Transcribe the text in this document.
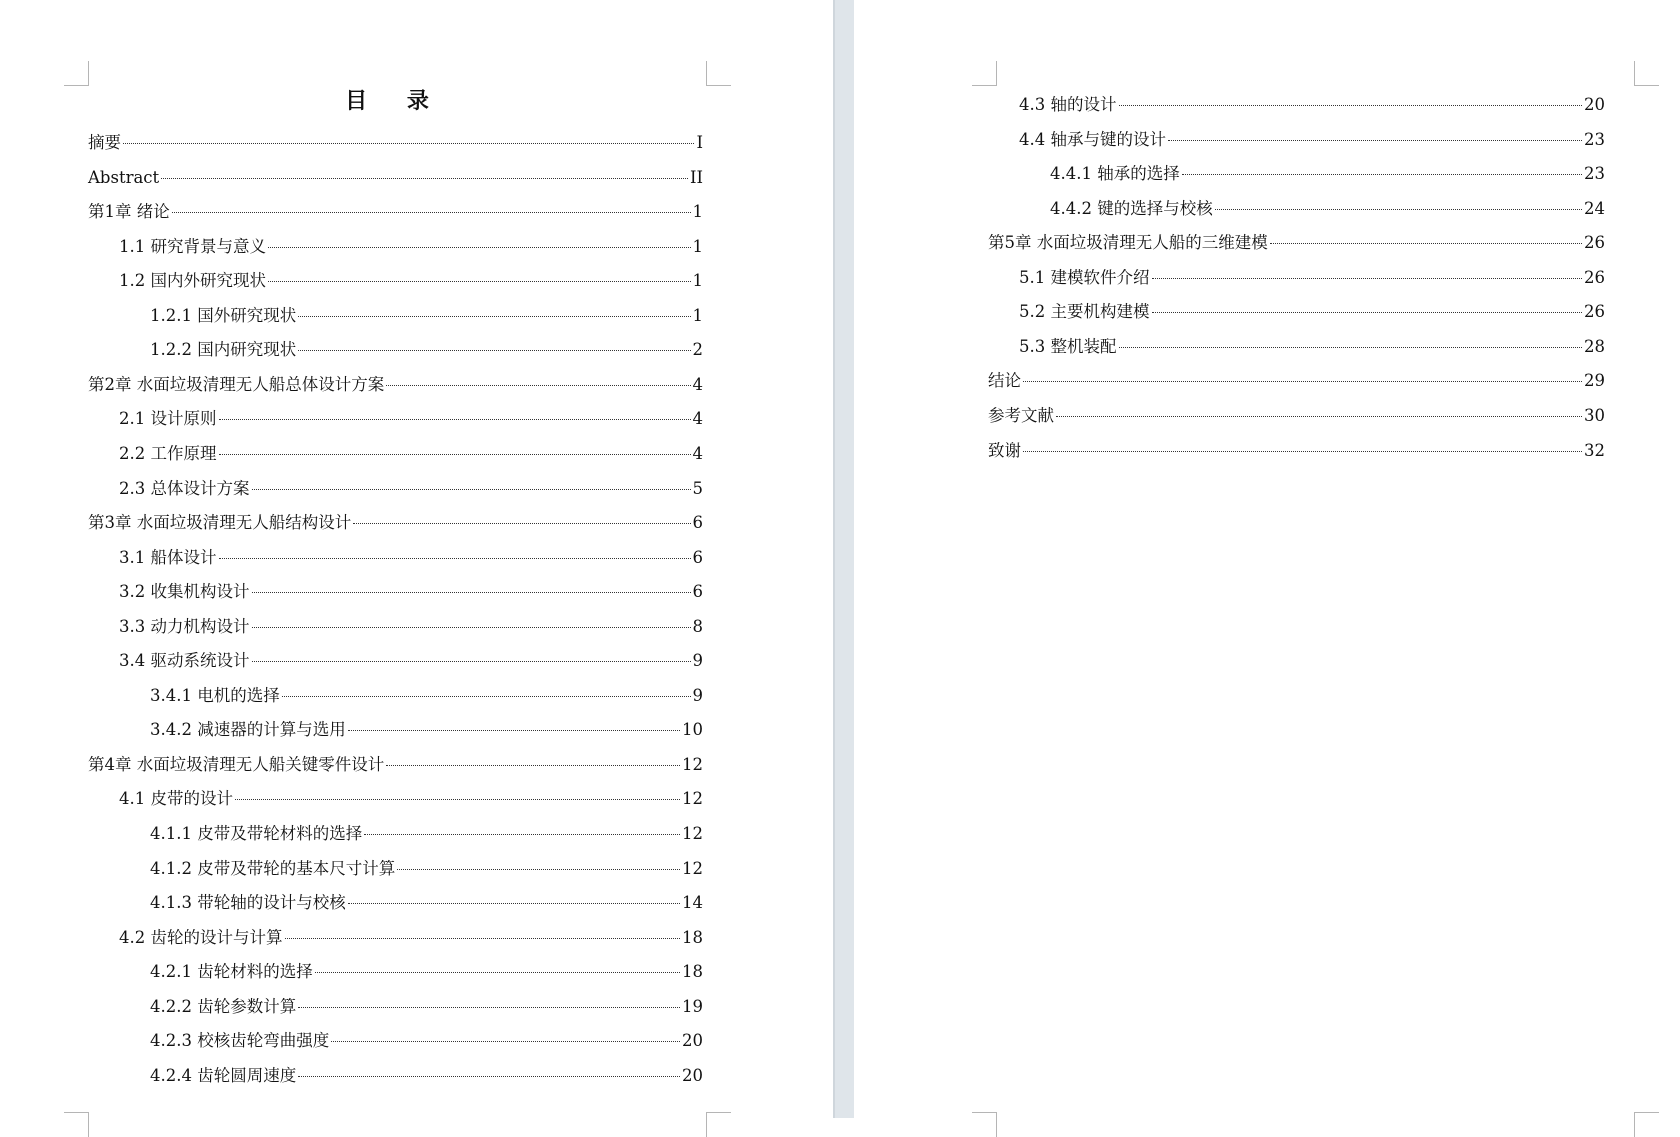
目 录
摘要	I
Abstract	II
第1章 绪论	1
1.1 研究背景与意义	1
1.2 国内外研究现状	1
1.2.1 国外研究现状	1
1.2.2 国内研究现状	2
第2章 水面垃圾清理无人船总体设计方案	4
2.1 设计原则	4
2.2 工作原理	4
2.3 总体设计方案	5
第3章 水面垃圾清理无人船结构设计	6
3.1 船体设计	6
3.2 收集机构设计	6
3.3 动力机构设计	8
3.4 驱动系统设计	9
3.4.1 电机的选择	9
3.4.2 减速器的计算与选用	10
第4章 水面垃圾清理无人船关键零件设计	12
4.1 皮带的设计	12
4.1.1 皮带及带轮材料的选择	12
4.1.2 皮带及带轮的基本尺寸计算	12
4.1.3 带轮轴的设计与校核	14
4.2 齿轮的设计与计算	18
4.2.1 齿轮材料的选择	18
4.2.2 齿轮参数计算	19
4.2.3 校核齿轮弯曲强度	20
4.2.4 齿轮圆周速度	20
4.3 轴的设计	20
4.4 轴承与键的设计	23
4.4.1 轴承的选择	23
4.4.2 键的选择与校核	24
第5章 水面垃圾清理无人船的三维建模	26
5.1 建模软件介绍	26
5.2 主要机构建模	26
5.3 整机装配	28
结论	29
参考文献	30
致谢	32
